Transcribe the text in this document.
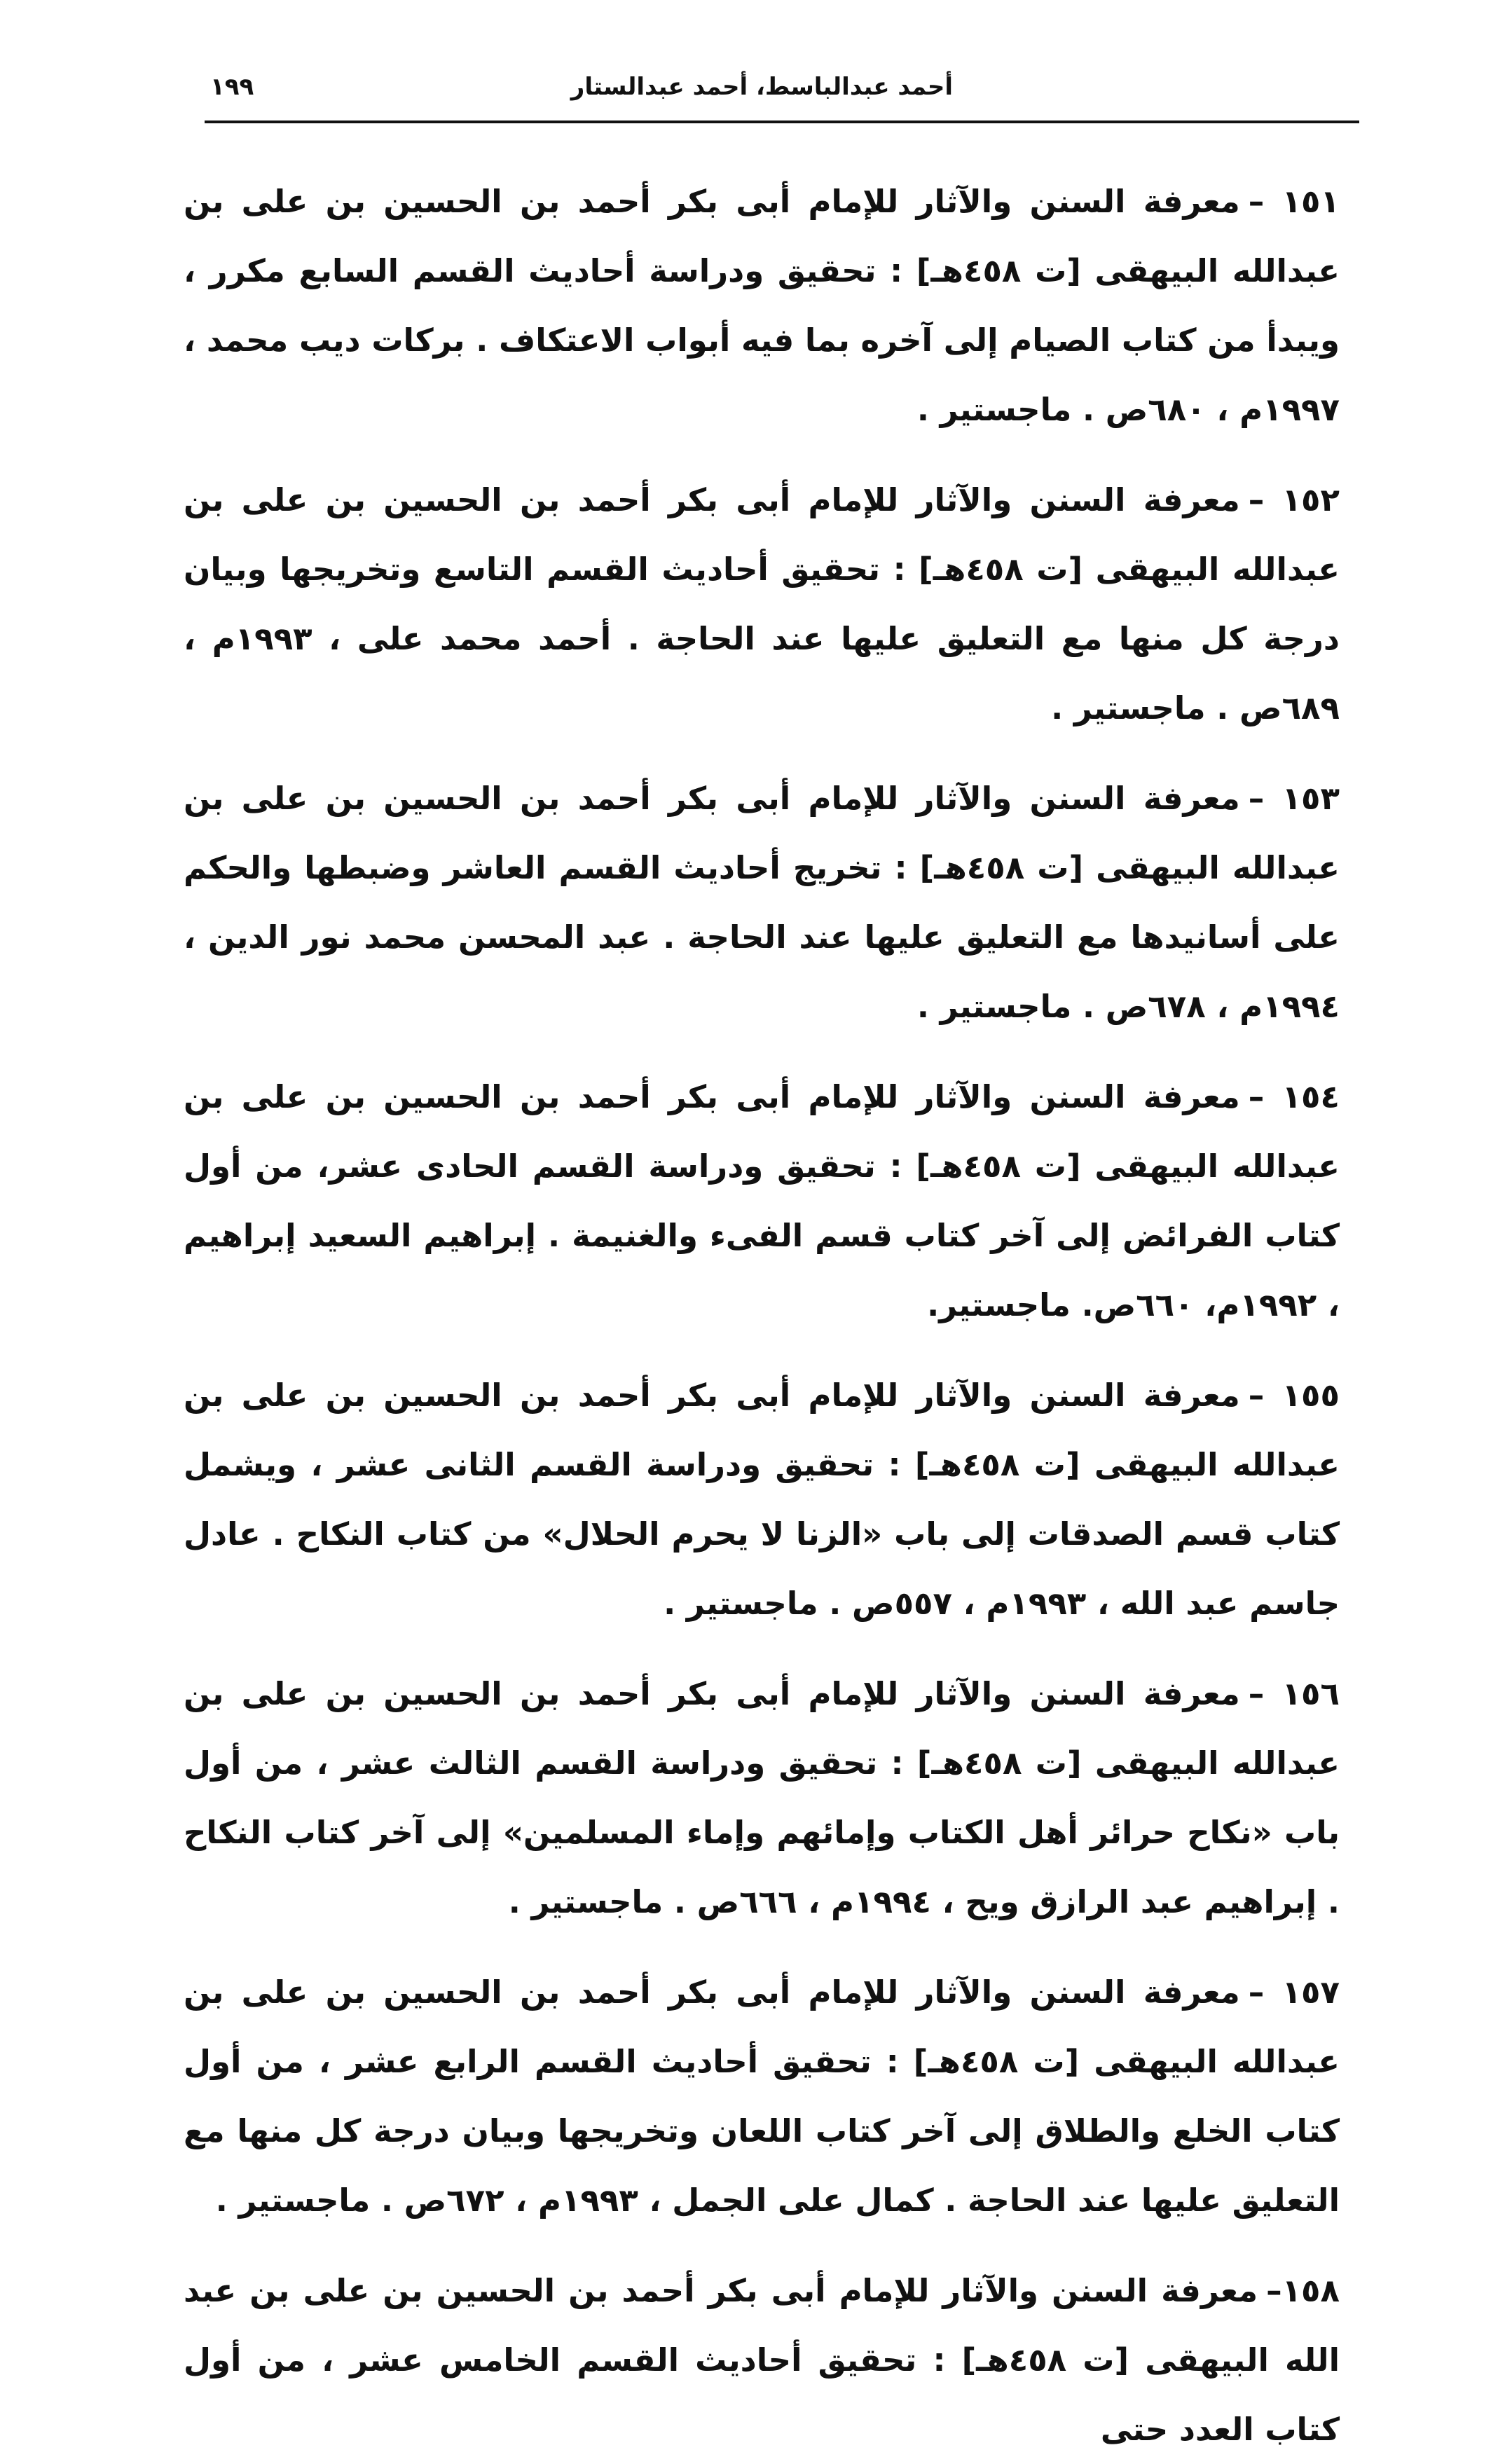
أحمد عبدالباسط، أحمد عبدالستار
١٩٩

١٥١ –معرفة السنن والآثار للإمام أبى بكر أحمد بن الحسين بن على بن عبدالله البيهقى [ت ٤٥٨هـ] : تحقيق ودراسة أحاديث القسم السابع مكرر ، ويبدأ من كتاب الصيام إلى آخره بما فيه أبواب الاعتكاف . بركات ديب محمد ، ١٩٩٧م ، ٦٨٠ص . ماجستير .

١٥٢ –معرفة السنن والآثار للإمام أبى بكر أحمد بن الحسين بن على بن عبدالله البيهقى [ت ٤٥٨هـ] : تحقيق أحاديث القسم التاسع وتخريجها وبيان درجة كل منها مع التعليق عليها عند الحاجة . أحمد محمد على ، ١٩٩٣م ، ٦٨٩ص . ماجستير .

١٥٣ –معرفة السنن والآثار للإمام أبى بكر أحمد بن الحسين بن على بن عبدالله البيهقى [ت ٤٥٨هـ] : تخريج أحاديث القسم العاشر وضبطها والحكم على أسانيدها مع التعليق عليها عند الحاجة . عبد المحسن محمد نور الدين ، ١٩٩٤م ، ٦٧٨ص . ماجستير .

١٥٤ –معرفة السنن والآثار للإمام أبى بكر أحمد بن الحسين بن على بن عبدالله البيهقى [ت ٤٥٨هـ] : تحقيق ودراسة القسم الحادى عشر، من أول كتاب الفرائض إلى آخر كتاب قسم الفىء والغنيمة . إبراهيم السعيد إبراهيم ، ١٩٩٢م، ٦٦٠ص. ماجستير.

١٥٥ –معرفة السنن والآثار للإمام أبى بكر أحمد بن الحسين بن على بن عبدالله البيهقى [ت ٤٥٨هـ] : تحقيق ودراسة القسم الثانى عشر ، ويشمل كتاب قسم الصدقات إلى باب «الزنا لا يحرم الحلال» من كتاب النكاح . عادل جاسم عبد الله ، ١٩٩٣م ، ٥٥٧ص . ماجستير .

١٥٦ –معرفة السنن والآثار للإمام أبى بكر أحمد بن الحسين بن على بن عبدالله البيهقى [ت ٤٥٨هـ] : تحقيق ودراسة القسم الثالث عشر ، من أول باب «نكاح حرائر أهل الكتاب وإمائهم وإماء المسلمين» إلى آخر كتاب النكاح . إبراهيم عبد الرازق ويح ، ١٩٩٤م ، ٦٦٦ص . ماجستير .

١٥٧ –معرفة السنن والآثار للإمام أبى بكر أحمد بن الحسين بن على بن عبدالله البيهقى [ت ٤٥٨هـ] : تحقيق أحاديث القسم الرابع عشر ، من أول كتاب الخلع والطلاق إلى آخر كتاب اللعان وتخريجها وبيان درجة كل منها مع التعليق عليها عند الحاجة . كمال على الجمل ، ١٩٩٣م ، ٦٧٢ص . ماجستير .

١٥٨–معرفة السنن والآثار للإمام أبى بكر أحمد بن الحسين بن على بن عبد الله البيهقى [ت ٤٥٨هـ] : تحقيق أحاديث القسم الخامس عشر ، من أول كتاب العدد حتى
